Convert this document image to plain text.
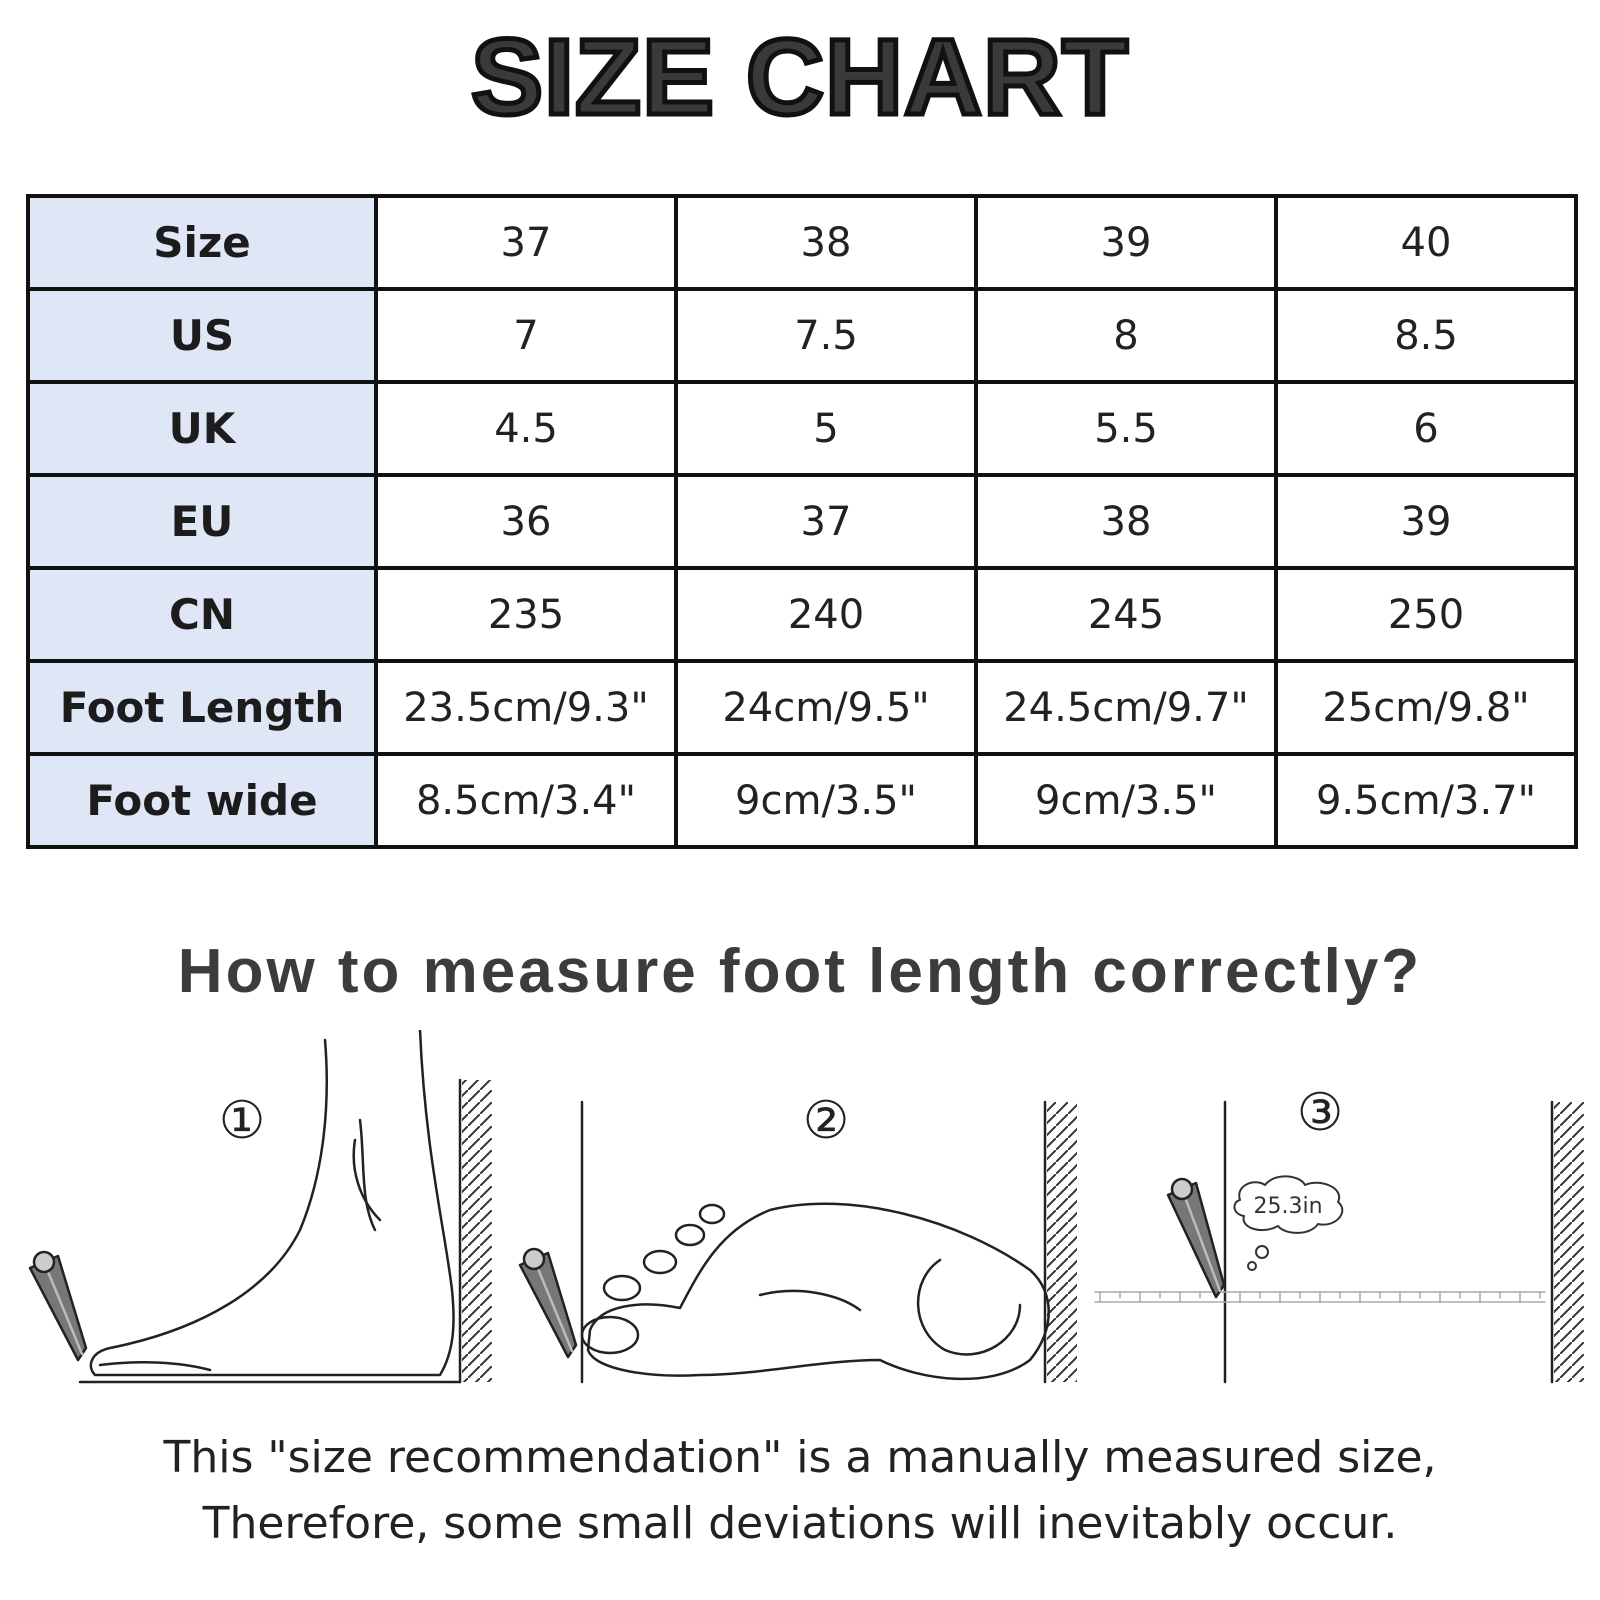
SIZE CHART
Size	37	38	39	40
US	7	7.5	8	8.5
UK	4.5	5	5.5	6
EU	36	37	38	39
CN	235	240	245	250
Foot Length	23.5cm/9.3"	24cm/9.5"	24.5cm/9.7"	25cm/9.8"
Foot wide	8.5cm/3.4"	9cm/3.5"	9cm/3.5"	9.5cm/3.7"
How to measure foot length correctly?
①	②	③
25.3in
This "size recommendation" is a manually measured size,
Therefore, some small deviations will inevitably occur.
